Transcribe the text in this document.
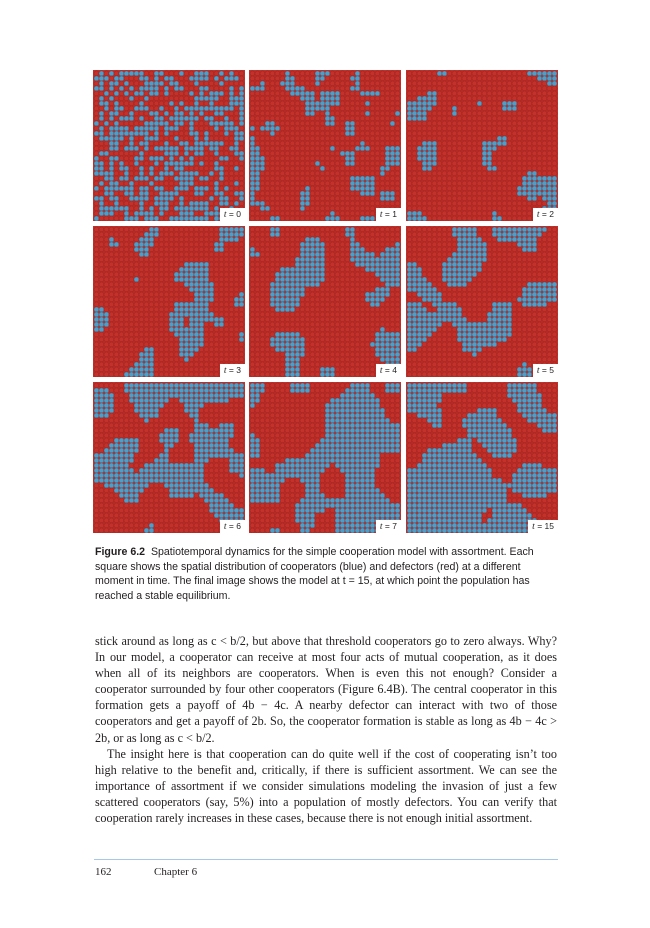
t = 0	t = 1	t = 2
t = 3	t = 4	t = 5
t = 6	t = 7	t = 15
Figure 6.2 Spatiotemporal dynamics for the simple cooperation model with assortment. Each square shows the spatial distribution of cooperators (blue) and defectors (red) at a different moment in time. The final image shows the model at t = 15, at which point the population has reached a stable equilibrium.

stick around as long as c < b/2, but above that threshold cooperators go to zero always. Why? In our model, a cooperator can receive at most four acts of mutual cooperation, as it does when all of its neighbors are cooperators. When is even this not enough? Consider a cooperator surrounded by four other cooperators (Figure 6.4B). The central cooperator in this formation gets a payoff of 4b − 4c. A nearby defector can interact with two of those cooperators and get a payoff of 2b. So, the cooperator formation is stable as long as 4b − 4c > 2b, or as long as c < b/2.

The insight here is that cooperation can do quite well if the cost of cooperating isn’t too high relative to the benefit and, critically, if there is sufficient assortment. We can see the importance of assortment if we consider simulations modeling the invasion of just a few scattered cooperators (say, 5%) into a population of mostly defectors. You can verify that cooperation rarely increases in these cases, because there is not enough initial assortment.

162	Chapter 6
